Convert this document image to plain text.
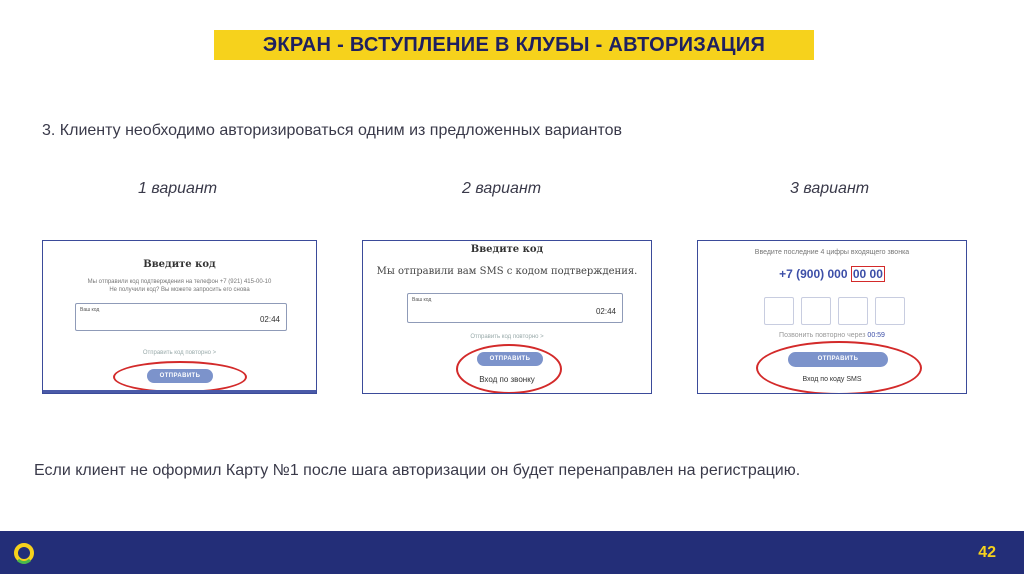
ЭКРАН - ВСТУПЛЕНИЕ В КЛУБЫ - АВТОРИЗАЦИЯ
3. Клиенту необходимо авторизироваться одним из предложенных вариантов
1 вариант	2 вариант	3 вариант
Введите код
Мы отправили код подтверждения на телефон +7 (921) 415-00-10
Не получили код? Вы можете запросить его снова
Ваш код
02:44
Отправить код повторно >
ОТПРАВИТЬ
Введите код
Мы отправили вам SMS с кодом подтверждения.
Ваш код
02:44
Отправить код повторно >
ОТПРАВИТЬ
Вход по звонку
Введите последние 4 цифры входящего звонка
+7 (900) 000 00 00
Позвонить повторно через 00:59
ОТПРАВИТЬ
Вход по коду SMS
Если клиент не оформил Карту №1 после шага авторизации он будет перенаправлен на регистрацию.
42
